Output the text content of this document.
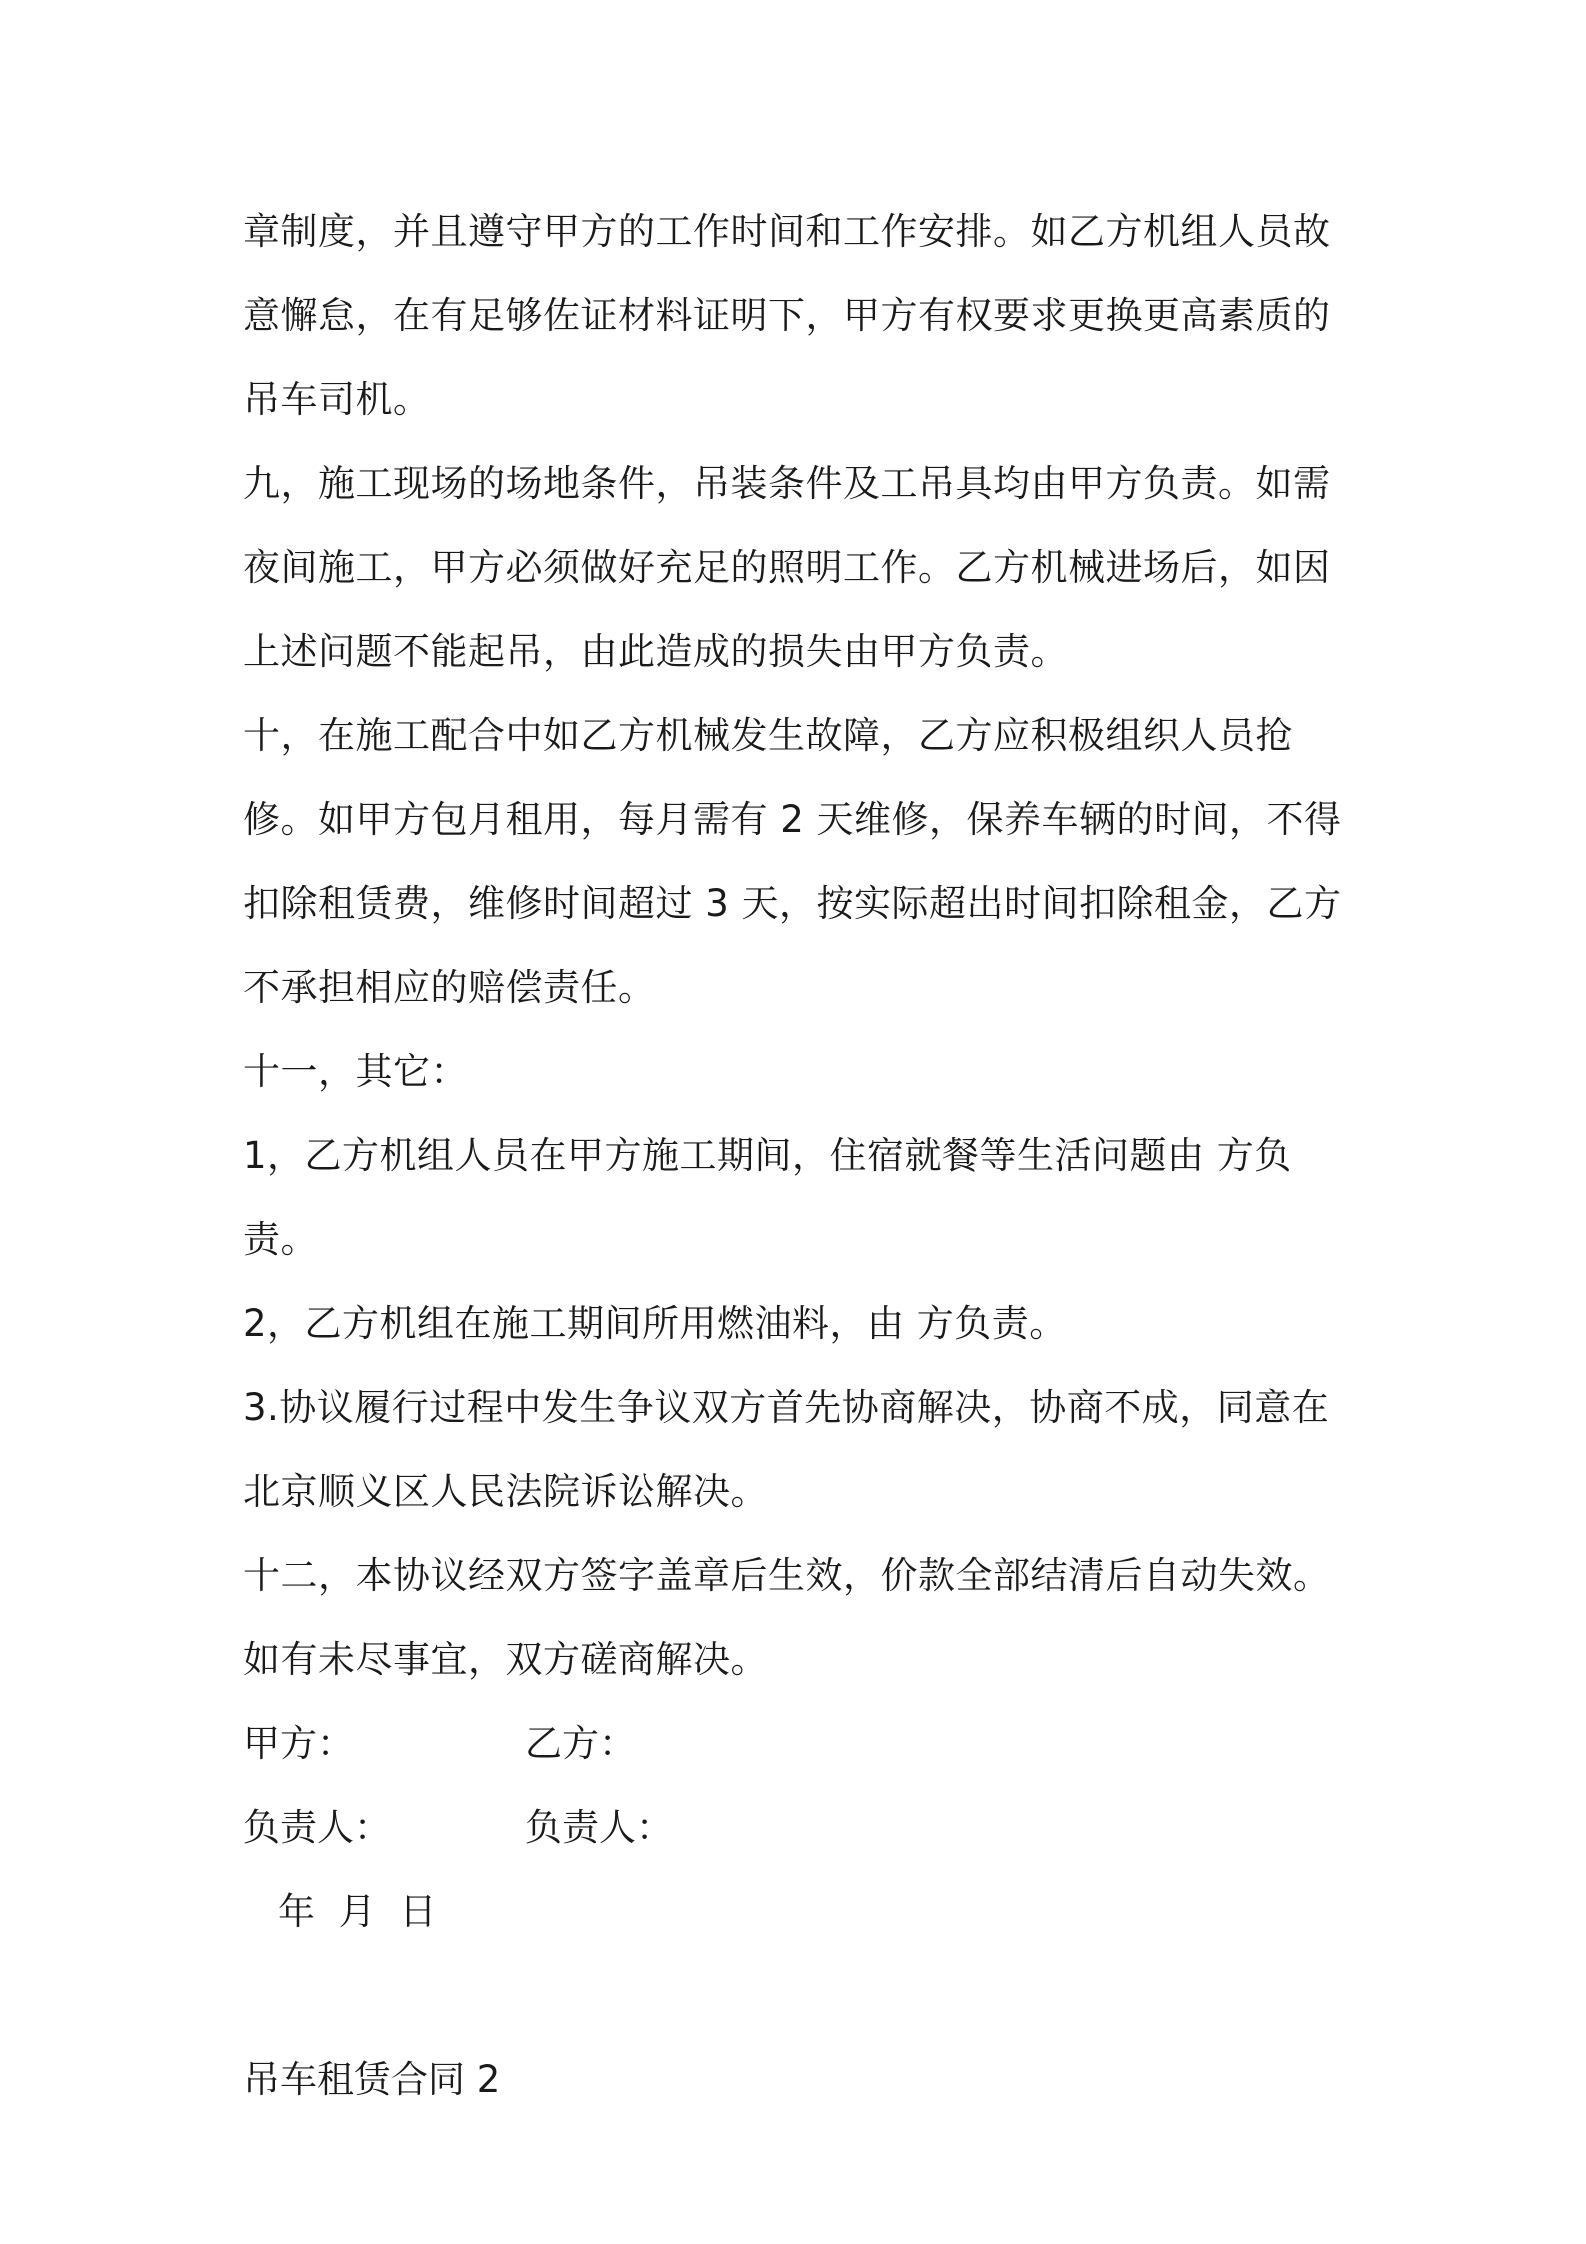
章制度，并且遵守甲方的工作时间和工作安排。如乙方机组人员故意懈怠，在有足够佐证材料证明下，甲方有权要求更换更高素质的吊车司机。

九，施工现场的场地条件，吊装条件及工吊具均由甲方负责。如需夜间施工，甲方必须做好充足的照明工作。乙方机械进场后，如因上述问题不能起吊，由此造成的损失由甲方负责。

十，在施工配合中如乙方机械发生故障，乙方应积极组织人员抢修。如甲方包月租用，每月需有 2 天维修，保养车辆的时间，不得扣除租赁费，维修时间超过 3 天，按实际超出时间扣除租金，乙方不承担相应的赔偿责任。

十一，其它：

1，乙方机组人员在甲方施工期间，住宿就餐等生活问题由 方负责。

2，乙方机组在施工期间所用燃油料，由 方负责。

3.协议履行过程中发生争议双方首先协商解决，协商不成，同意在北京顺义区人民法院诉讼解决。

十二，本协议经双方签字盖章后生效，价款全部结清后自动失效。如有未尽事宜，双方磋商解决。

甲方：	乙方：
负责人：	负责人：
年 月 日
吊车租赁合同 2
